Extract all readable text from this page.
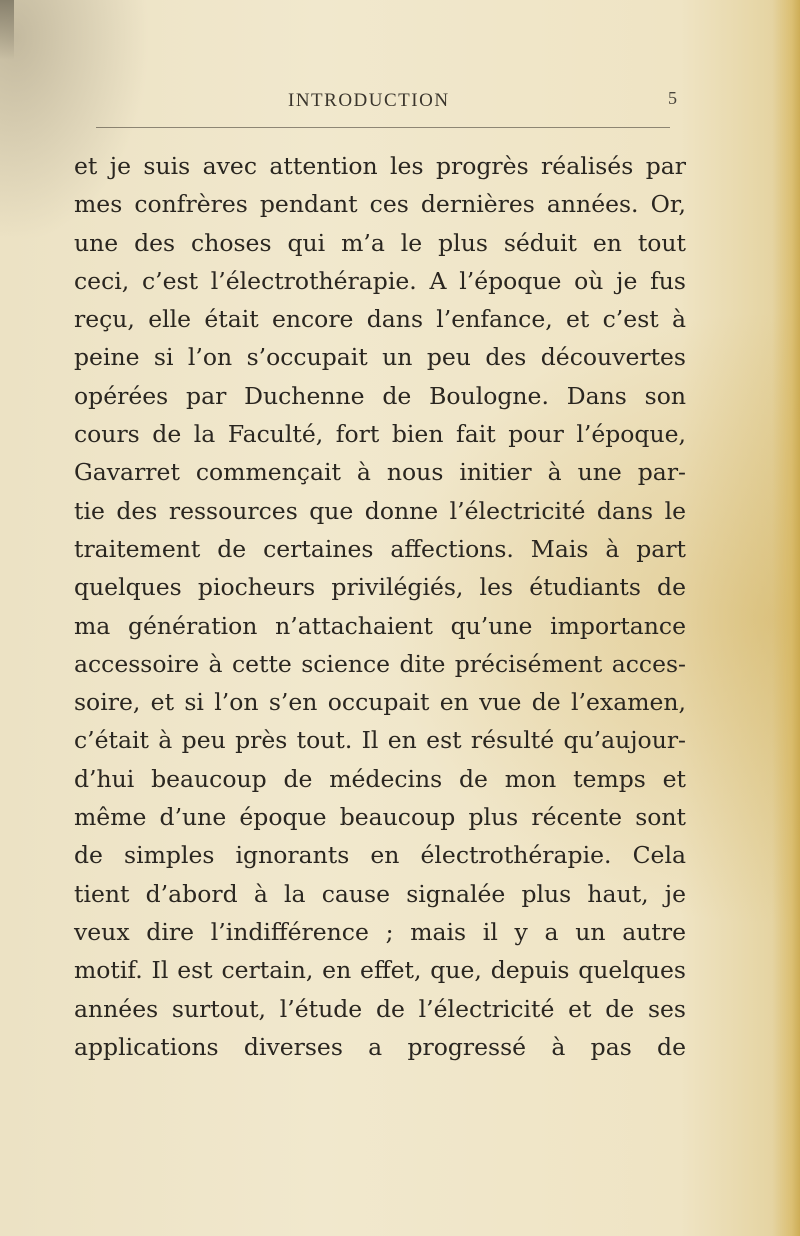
INTRODUCTION	5
et je suis avec attention les progrès réalisés par
mes confrères pendant ces dernières années. Or,
une des choses qui m’a le plus séduit en tout
ceci, c’est l’électrothérapie. A l’époque où je fus
reçu, elle était encore dans l’enfance, et c’est à
peine si l’on s’occupait un peu des découvertes
opérées par Duchenne de Boulogne. Dans son
cours de la Faculté, fort bien fait pour l’époque,
Gavarret commençait à nous initier à une par-
tie des ressources que donne l’électricité dans le
traitement de certaines affections. Mais à part
quelques piocheurs privilégiés, les étudiants de
ma génération n’attachaient qu’une importance
accessoire à cette science dite précisément acces-
soire, et si l’on s’en occupait en vue de l’examen,
c’était à peu près tout. Il en est résulté qu’aujour-
d’hui beaucoup de médecins de mon temps et
même d’une époque beaucoup plus récente sont
de simples ignorants en électrothérapie. Cela
tient d’abord à la cause signalée plus haut, je
veux dire l’indifférence ; mais il y a un autre
motif. Il est certain, en effet, que, depuis quelques
années surtout, l’étude de l’électricité et de ses
applications diverses a progressé à pas de
